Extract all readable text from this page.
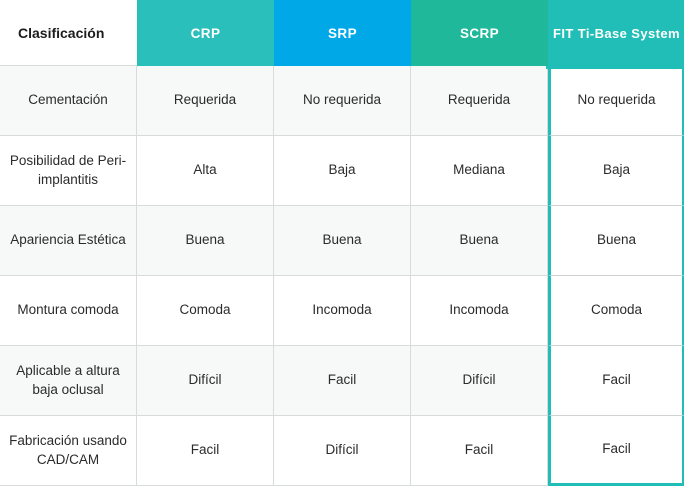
Clasificación	CRP	SRP	SCRP	FIT Ti-Base System
Cementación	Requerida	No requerida	Requerida	No requerida
Posibilidad de Peri-implantitis	Alta	Baja	Mediana	Baja
Apariencia Estética	Buena	Buena	Buena	Buena
Montura comoda	Comoda	Incomoda	Incomoda	Comoda
Aplicable a altura baja oclusal	Difícil	Facil	Difícil	Facil
Fabricación usando CAD/CAM	Facil	Difícil	Facil	Facil
